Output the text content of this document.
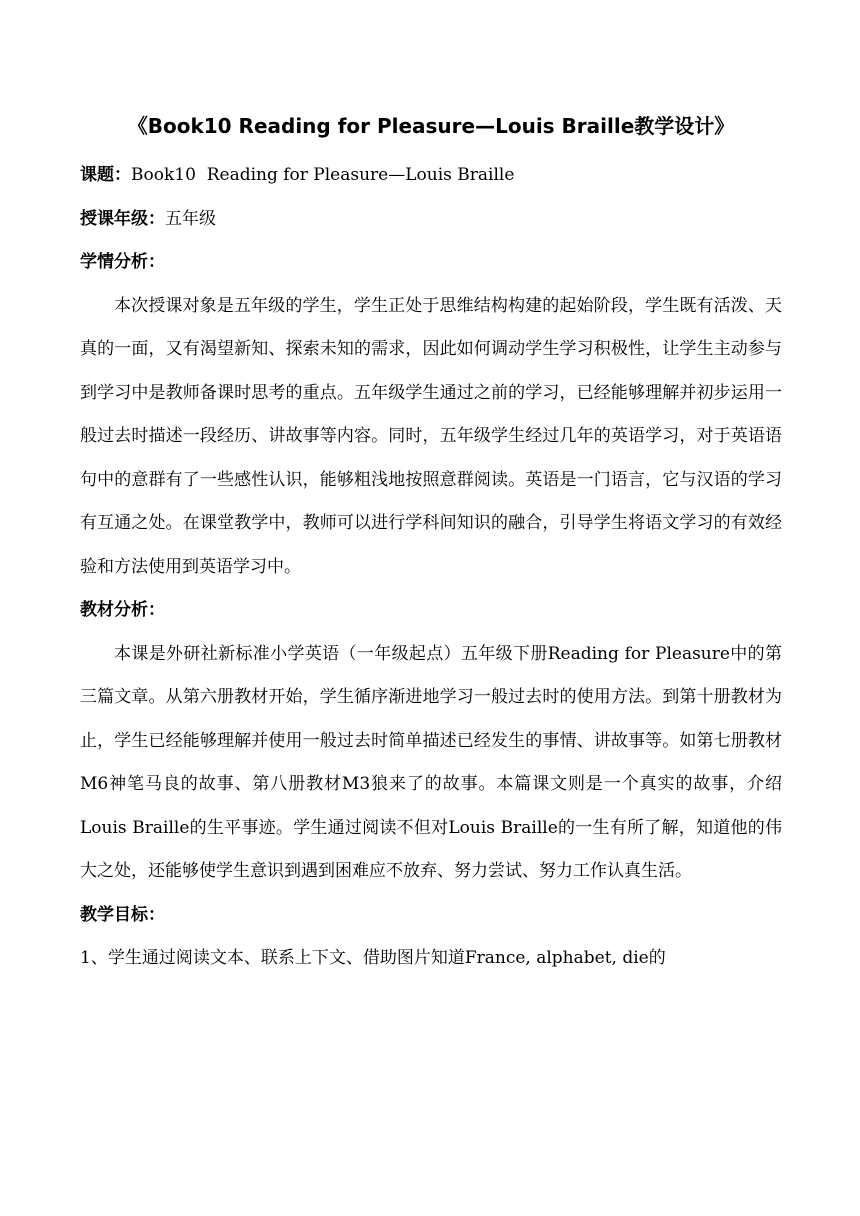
《Book10 Reading for Pleasure—Louis Braille教学设计》
课题：Book10  Reading for Pleasure—Louis Braille
授课年级：五年级
学情分析：

本次授课对象是五年级的学生，学生正处于思维结构构建的起始阶段，学生既有活泼、天真的一面，又有渴望新知、探索未知的需求，因此如何调动学生学习积极性，让学生主动参与到学习中是教师备课时思考的重点。五年级学生通过之前的学习，已经能够理解并初步运用一般过去时描述一段经历、讲故事等内容。同时，五年级学生经过几年的英语学习，对于英语语句中的意群有了一些感性认识，能够粗浅地按照意群阅读。英语是一门语言，它与汉语的学习有互通之处。在课堂教学中，教师可以进行学科间知识的融合，引导学生将语文学习的有效经验和方法使用到英语学习中。

教材分析：

本课是外研社新标准小学英语（一年级起点）五年级下册Reading for Pleasure中的第三篇文章。从第六册教材开始，学生循序渐进地学习一般过去时的使用方法。到第十册教材为止，学生已经能够理解并使用一般过去时简单描述已经发生的事情、讲故事等。如第七册教材M6神笔马良的故事、第八册教材M3狼来了的故事。本篇课文则是一个真实的故事，介绍Louis Braille的生平事迹。学生通过阅读不但对Louis Braille的一生有所了解，知道他的伟大之处，还能够使学生意识到遇到困难应不放弃、努力尝试、努力工作认真生活。

教学目标：
1、学生通过阅读文本、联系上下文、借助图片知道France, alphabet, die的
